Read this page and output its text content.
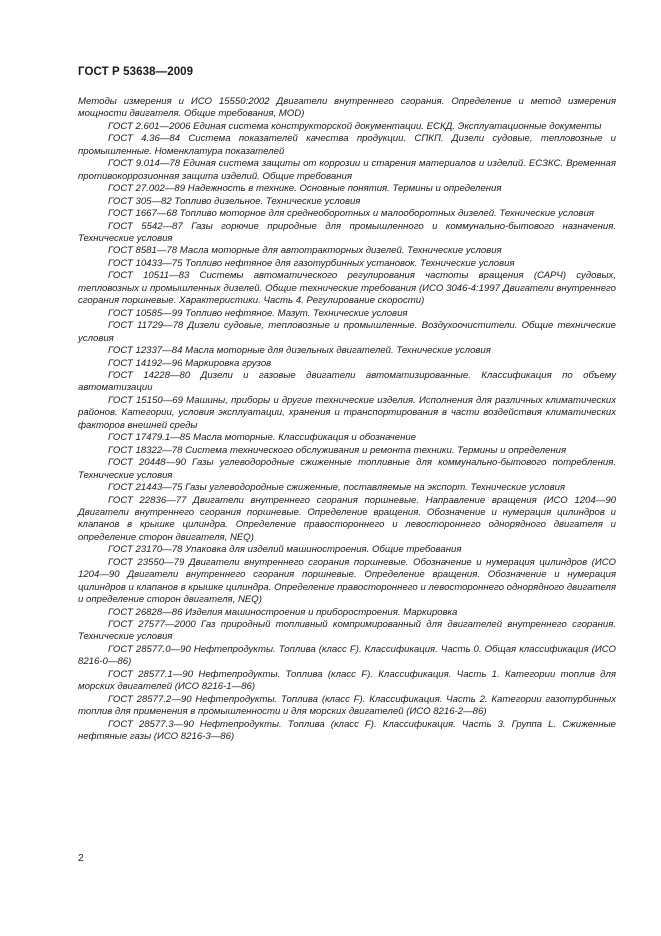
ГОСТ Р 53638—2009

Методы измерения и ИСО 15550:2002 Двигатели внутреннего сгорания. Определение и метод измерения мощности двигателя. Общие требования, MOD)

ГОСТ 2.601—2006 Единая система конструкторской документации. ЕСКД. Эксплуатационные документы

ГОСТ 4.36—84 Система показателей качества продукции. СПКП. Дизели судовые, тепловозные и промышленные. Номенклатура показателей

ГОСТ 9.014—78 Единая система защиты от коррозии и старения материалов и изделий. ЕСЗКС. Временная противокоррозионная защита изделий. Общие требования

ГОСТ 27.002—89 Надежность в технике. Основные понятия. Термины и определения

ГОСТ 305—82 Топливо дизельное. Технические условия

ГОСТ 1667—68 Топливо моторное для среднеоборотных и малооборотных дизелей. Технические условия

ГОСТ 5542—87 Газы горючие природные для промышленного и коммунально-бытового назначения. Технические условия

ГОСТ 8581—78 Масла моторные для автотракторных дизелей. Технические условия

ГОСТ 10433—75 Топливо нефтяное для газотурбинных установок. Технические условия

ГОСТ 10511—83 Системы автоматического регулирования частоты вращения (САРЧ) судовых, тепловозных и промышленных дизелей. Общие технические требования (ИСО 3046-4:1997 Двигатели внутреннего сгорания поршневые. Характеристики. Часть 4. Регулирование скорости)

ГОСТ 10585—99 Топливо нефтяное. Мазут. Технические условия

ГОСТ 11729—78 Дизели судовые, тепловозные и промышленные. Воздухоочистители. Общие технические условия

ГОСТ 12337—84 Масла моторные для дизельных двигателей. Технические условия

ГОСТ 14192—96 Маркировка грузов

ГОСТ 14228—80 Дизели и газовые двигатели автоматизированные. Классификация по объему автоматизации

ГОСТ 15150—69 Машины, приборы и другие технические изделия. Исполнения для различных климатических районов. Категории, условия эксплуатации, хранения и транспортирования в части воздействия климатических факторов внешней среды

ГОСТ 17479.1—85 Масла моторные. Классификация и обозначение

ГОСТ 18322—78 Система технического обслуживания и ремонта техники. Термины и определения

ГОСТ 20448—90 Газы углеводородные сжиженные топливные для коммунально-бытового потребления. Технические условия

ГОСТ 21443—75 Газы углеводородные сжиженные, поставляемые на экспорт. Технические условия

ГОСТ 22836—77 Двигатели внутреннего сгорания поршневые. Направление вращения (ИСО 1204—90 Двигатели внутреннего сгорания поршневые. Определение вращения. Обозначение и нумерация цилиндров и клапанов в крышке цилиндра. Определение правостороннего и левостороннего однорядного двигателя и определение сторон двигателя, NEQ)

ГОСТ 23170—78 Упаковка для изделий машиностроения. Общие требования

ГОСТ 23550—79 Двигатели внутреннего сгорания поршневые. Обозначение и нумерация цилиндров (ИСО 1204—90 Двигатели внутреннего сгорания поршневые. Определение вращения. Обозначение и нумерация цилиндров и клапанов в крышке цилиндра. Определение правостороннего и левостороннего однорядного двигателя и определение сторон двигателя, NEQ)

ГОСТ 26828—86 Изделия машиностроения и приборостроения. Маркировка

ГОСТ 27577—2000 Газ природный топливный компримированный для двигателей внутреннего сгорания. Технические условия

ГОСТ 28577.0—90 Нефтепродукты. Топлива (класс F). Классификация. Часть 0. Общая классификация (ИСО 8216-0—86)

ГОСТ 28577.1—90 Нефтепродукты. Топлива (класс F). Классификация. Часть 1. Категории топлив для морских двигателей (ИСО 8216-1—86)

ГОСТ 28577.2—90 Нефтепродукты. Топлива (класс F). Классификация. Часть 2. Категории газотурбинных топлив для применения в промышленности и для морских двигателей (ИСО 8216-2—86)

ГОСТ 28577.3—90 Нефтепродукты. Топлива (класс F). Классификация. Часть 3. Группа L. Сжиженные нефтяные газы (ИСО 8216-3—86)

2
